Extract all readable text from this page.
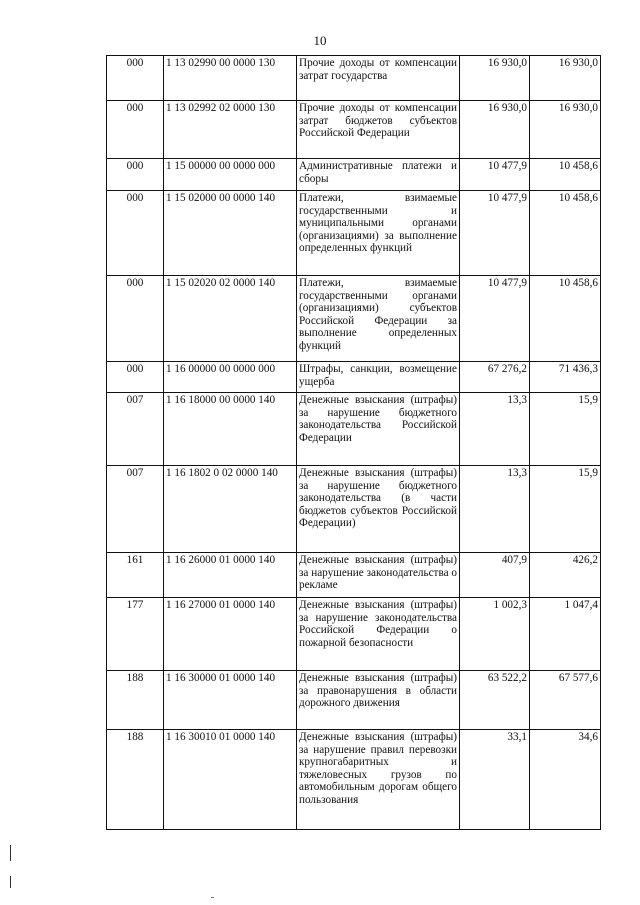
10
000	1 13 02990 00 0000 130	Прочие доходы от компенсации затрат государства	16 930,0	16 930,0
000	1 13 02992 02 0000 130	Прочие доходы от компенсации затрат бюджетов субъектов Российской Федерации	16 930,0	16 930,0
000	1 15 00000 00 0000 000	Административные платежи и сборы	10 477,9	10 458,6
000	1 15 02000 00 0000 140	Платежи, взимаемые государственными и муниципальными органами (организациями) за выполнение определенных функций	10 477,9	10 458,6
000	1 15 02020 02 0000 140	Платежи, взимаемые государственными органами (организациями) субъектов Российской Федерации за выполнение определенных функций	10 477,9	10 458,6
000	1 16 00000 00 0000 000	Штрафы, санкции, возмещение ущерба	67 276,2	71 436,3
007	1 16 18000 00 0000 140	Денежные взыскания (штрафы) за нарушение бюджетного законодательства Российской Федерации	13,3	15,9
007	1 16 1802 0 02 0000 140	Денежные взыскания (штрафы) за нарушение бюджетного законодательства (в части бюджетов субъектов Российской Федерации)	13,3	15,9
161	1 16 26000 01 0000 140	Денежные взыскания (штрафы) за нарушение законодательства о рекламе	407,9	426,2
177	1 16 27000 01 0000 140	Денежные взыскания (штрафы) за нарушение законодательства Российской Федерации о пожарной безопасности	1 002,3	1 047,4
188	1 16 30000 01 0000 140	Денежные взыскания (штрафы) за правонарушения в области дорожного движения	63 522,2	67 577,6
188	1 16 30010 01 0000 140	Денежные взыскания (штрафы) за нарушение правил перевозки крупногабаритных и тяжеловесных грузов по автомобильным дорогам общего пользования	33,1	34,6
